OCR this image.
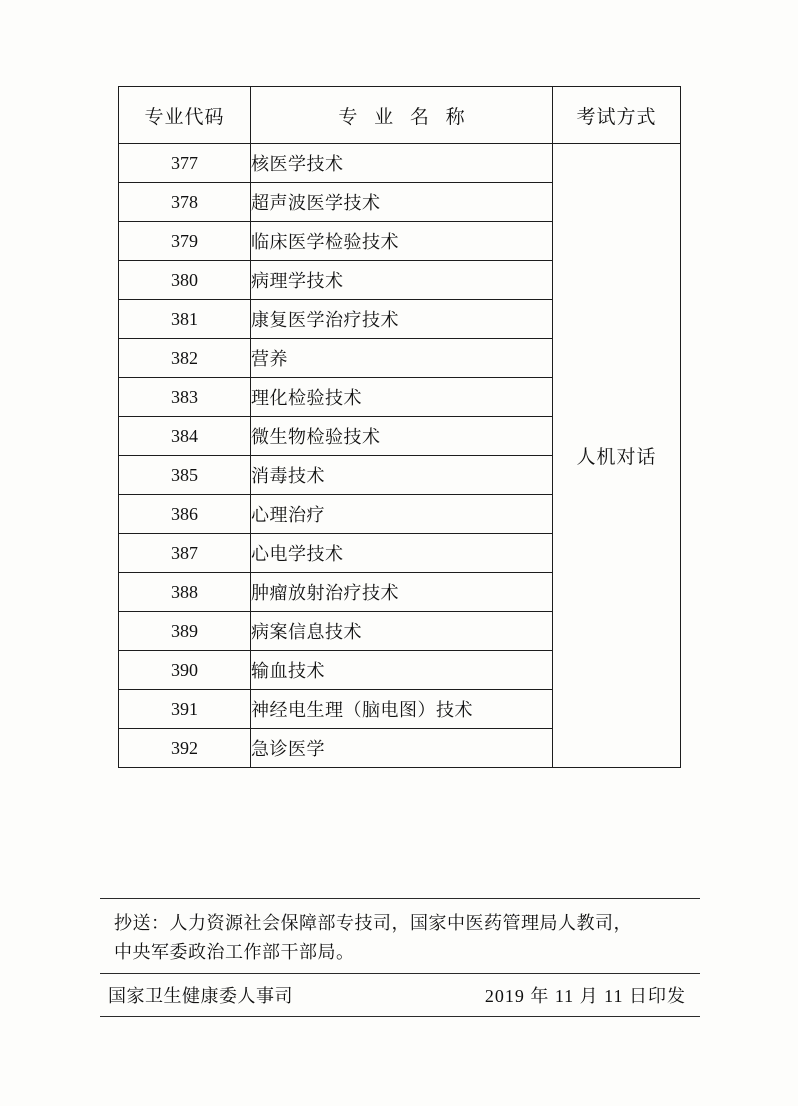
专业代码	专 业 名 称	考试方式
377	核医学技术	人机对话
378	超声波医学技术	
379	临床医学检验技术	
380	病理学技术	
381	康复医学治疗技术	
382	营养	
383	理化检验技术	
384	微生物检验技术	
385	消毒技术	
386	心理治疗	
387	心电学技术	
388	肿瘤放射治疗技术	
389	病案信息技术	
390	输血技术	
391	神经电生理（脑电图）技术	
392	急诊医学	
抄送：人力资源社会保障部专技司，国家中医药管理局人教司，
中央军委政治工作部干部局。
国家卫生健康委人事司	2019 年 11 月 11 日印发
